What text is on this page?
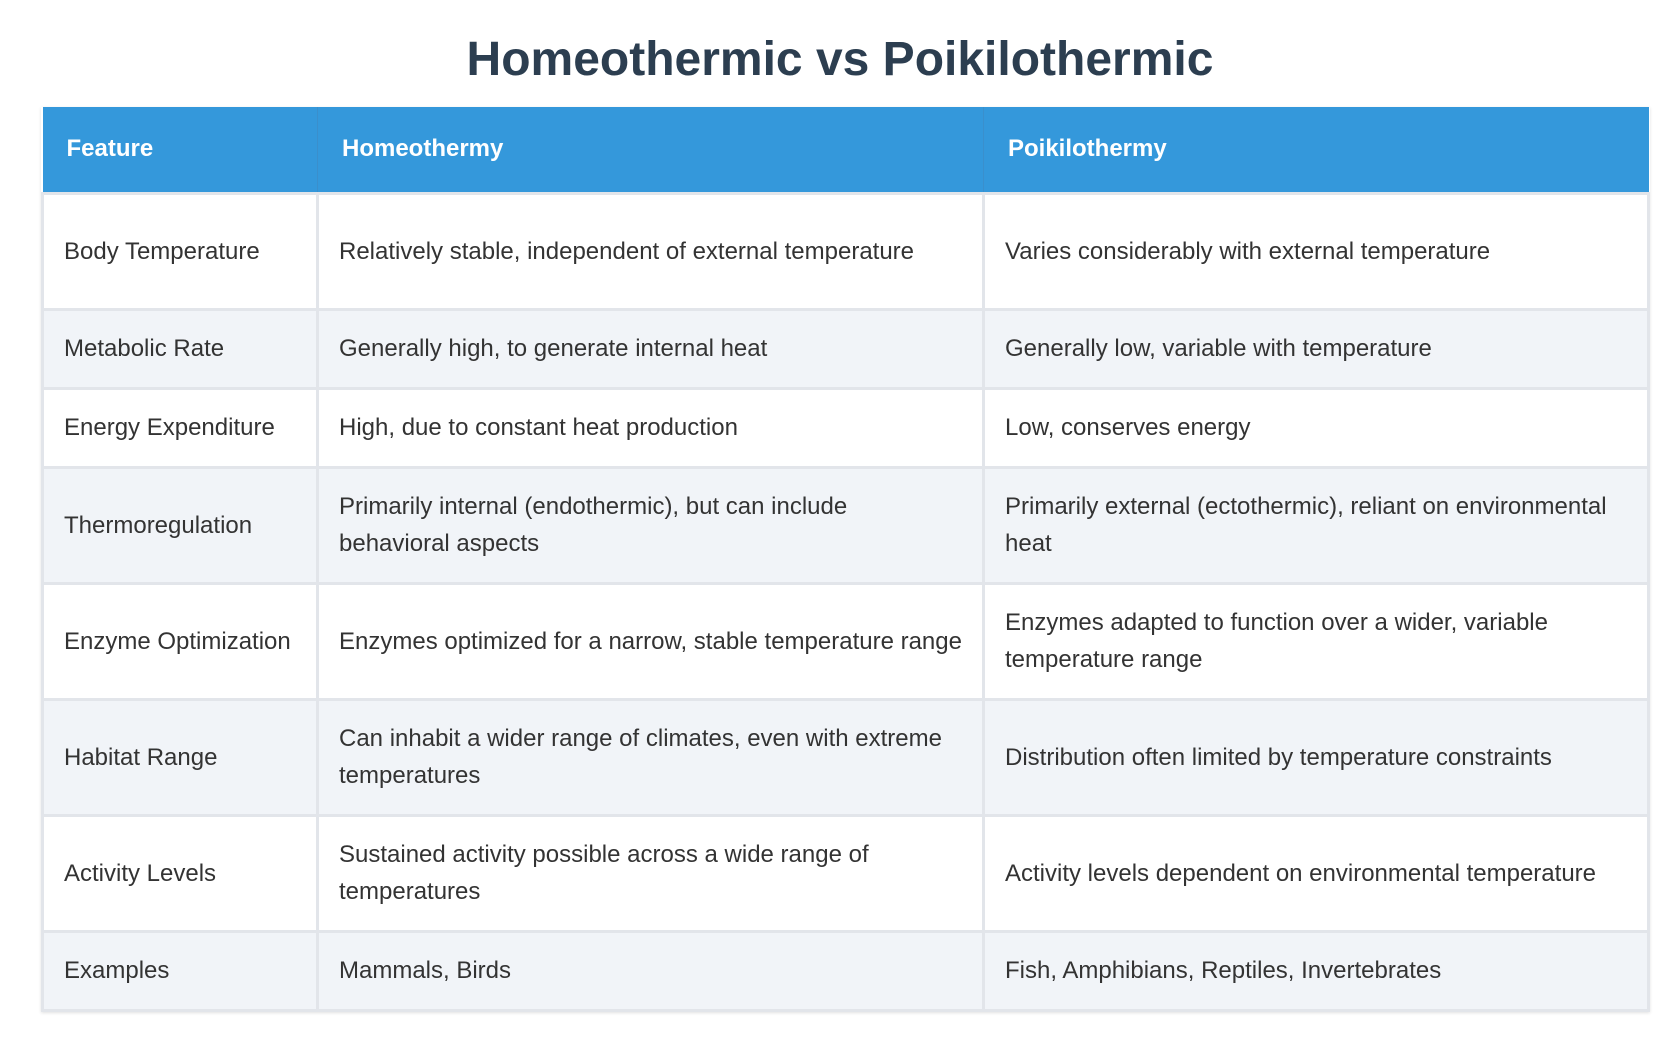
Homeothermic vs Poikilothermic
Feature	Homeothermy	Poikilothermy
Body Temperature	Relatively stable, independent of external temperature	Varies considerably with external temperature
Metabolic Rate	Generally high, to generate internal heat	Generally low, variable with temperature
Energy Expenditure	High, due to constant heat production	Low, conserves energy
Thermoregulation	Primarily internal (endothermic), but can include behavioral aspects	Primarily external (ectothermic), reliant on environmental heat
Enzyme Optimization	Enzymes optimized for a narrow, stable temperature range	Enzymes adapted to function over a wider, variable temperature range
Habitat Range	Can inhabit a wider range of climates, even with extreme temperatures	Distribution often limited by temperature constraints
Activity Levels	Sustained activity possible across a wide range of temperatures	Activity levels dependent on environmental temperature
Examples	Mammals, Birds	Fish, Amphibians, Reptiles, Invertebrates
